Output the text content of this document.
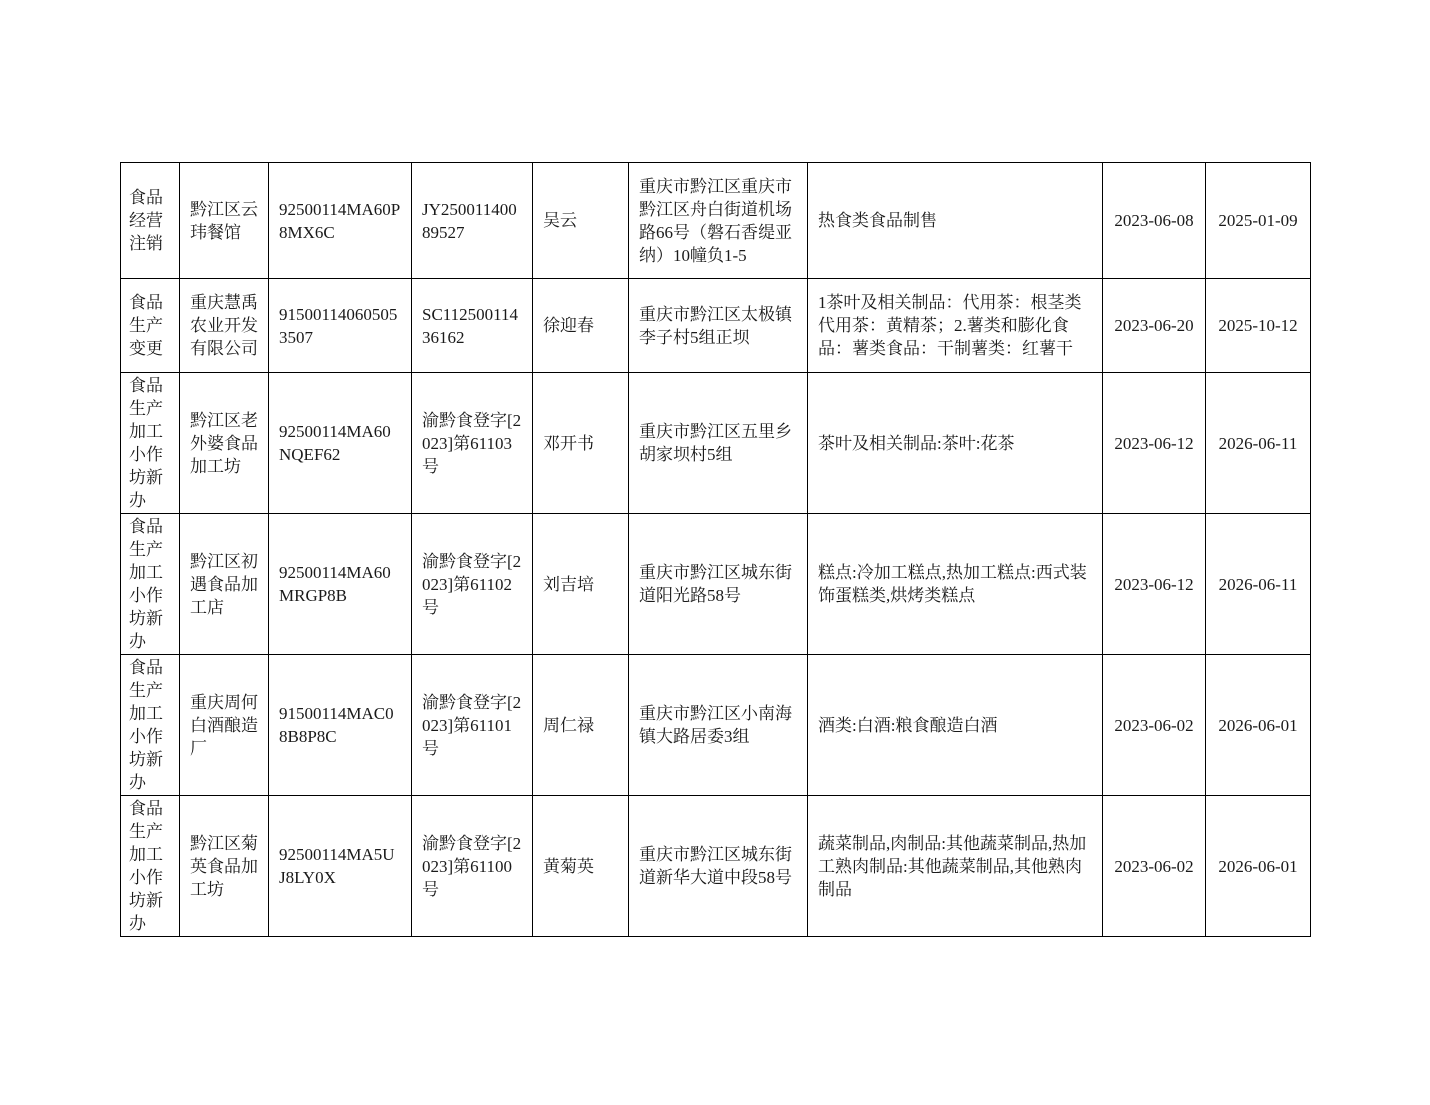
食品经营注销	黔江区云玮餐馆	92500114MA60P8MX6C	JY25001140089527	吴云	重庆市黔江区重庆市黔江区舟白街道机场路66号（磐石香缇亚纳）10幢负1-5	热食类食品制售	2023-06-08	2025-01-09
食品生产变更	重庆慧禹农业开发有限公司	915001140605053507	SC11250011436162	徐迎春	重庆市黔江区太极镇李子村5组正坝	1茶叶及相关制品：代用茶：根茎类代用茶：黄精茶；2.薯类和膨化食品：薯类食品：干制薯类：红薯干	2023-06-20	2025-10-12
食品生产加工小作坊新办	黔江区老外婆食品加工坊	92500114MA60NQEF62	渝黔食登字[2023]第61103号	邓开书	重庆市黔江区五里乡胡家坝村5组	茶叶及相关制品:茶叶:花茶	2023-06-12	2026-06-11
食品生产加工小作坊新办	黔江区初遇食品加工店	92500114MA60MRGP8B	渝黔食登字[2023]第61102号	刘吉培	重庆市黔江区城东街道阳光路58号	糕点:冷加工糕点,热加工糕点:西式装饰蛋糕类,烘烤类糕点	2023-06-12	2026-06-11
食品生产加工小作坊新办	重庆周何白酒酿造厂	91500114MAC08B8P8C	渝黔食登字[2023]第61101号	周仁禄	重庆市黔江区小南海镇大路居委3组	酒类:白酒:粮食酿造白酒	2023-06-02	2026-06-01
食品生产加工小作坊新办	黔江区菊英食品加工坊	92500114MA5UJ8LY0X	渝黔食登字[2023]第61100号	黄菊英	重庆市黔江区城东街道新华大道中段58号	蔬菜制品,肉制品:其他蔬菜制品,热加工熟肉制品:其他蔬菜制品,其他熟肉制品	2023-06-02	2026-06-01
